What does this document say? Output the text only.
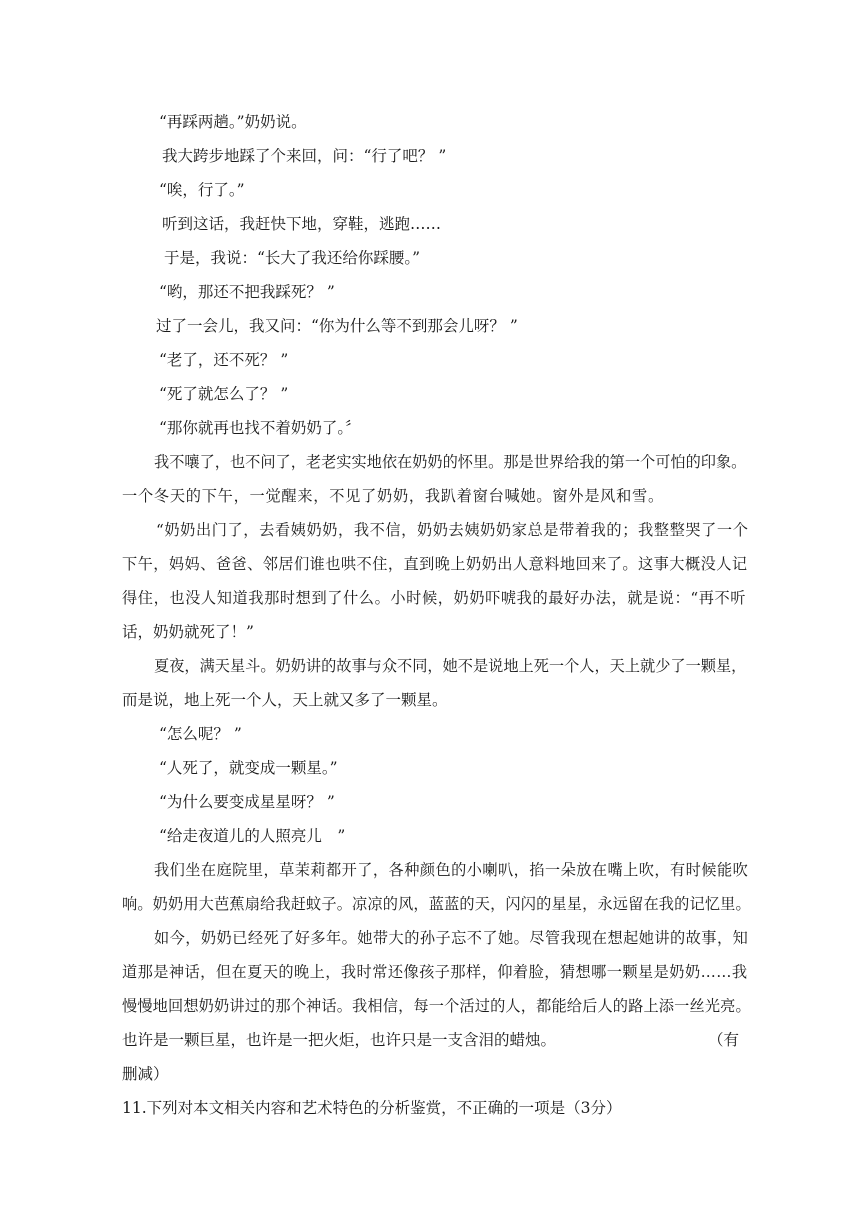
“再踩两趟。”奶奶说。
我大跨步地踩了个来回，问：“行了吧？ ”
“唉，行了。”
听到这话，我赶快下地，穿鞋，逃跑……
于是，我说：“长大了我还给你踩腰。”
“哟，那还不把我踩死？ ”
过了一会儿，我又问：“你为什么等不到那会儿呀？ ”
“老了，还不死？ ”
“死了就怎么了？ ”
“那你就再也找不着奶奶了。〞
我不嚷了，也不问了，老老实实地依在奶奶的怀里。那是世界给我的第一个可怕的印象。
一个冬天的下午，一觉醒来，不见了奶奶，我趴着窗台喊她。窗外是风和雪。
“奶奶出门了，去看姨奶奶，我不信，奶奶去姨奶奶家总是带着我的；我整整哭了一个
下午，妈妈、爸爸、邻居们谁也哄不住，直到晚上奶奶出人意料地回来了。这事大概没人记
得住，也没人知道我那时想到了什么。小时候，奶奶吓唬我的最好办法，就是说：“再不听
话，奶奶就死了！”
夏夜，满天星斗。奶奶讲的故事与众不同，她不是说地上死一个人，天上就少了一颗星，
而是说，地上死一个人，天上就又多了一颗星。
“怎么呢？ ”
“人死了，就变成一颗星。”
“为什么要变成星星呀？ ”
“给走夜道儿的人照亮儿　”
我们坐在庭院里，草茉莉都开了，各种颜色的小喇叭，掐一朵放在嘴上吹，有时候能吹
响。奶奶用大芭蕉扇给我赶蚊子。凉凉的风，蓝蓝的天，闪闪的星星，永远留在我的记忆里。
如今，奶奶已经死了好多年。她带大的孙子忘不了她。尽管我现在想起她讲的故事，知
道那是神话，但在夏天的晚上，我时常还像孩子那样，仰着脸，猜想哪一颗星是奶奶……我
慢慢地回想奶奶讲过的那个神话。我相信，每一个活过的人，都能给后人的路上添一丝光亮。
也许是一颗巨星，也许是一把火炬，也许只是一支含泪的蜡烛。	（有
删减）
11.下列对本文相关内容和艺术特色的分析鉴赏，不正确的一项是（3分）
